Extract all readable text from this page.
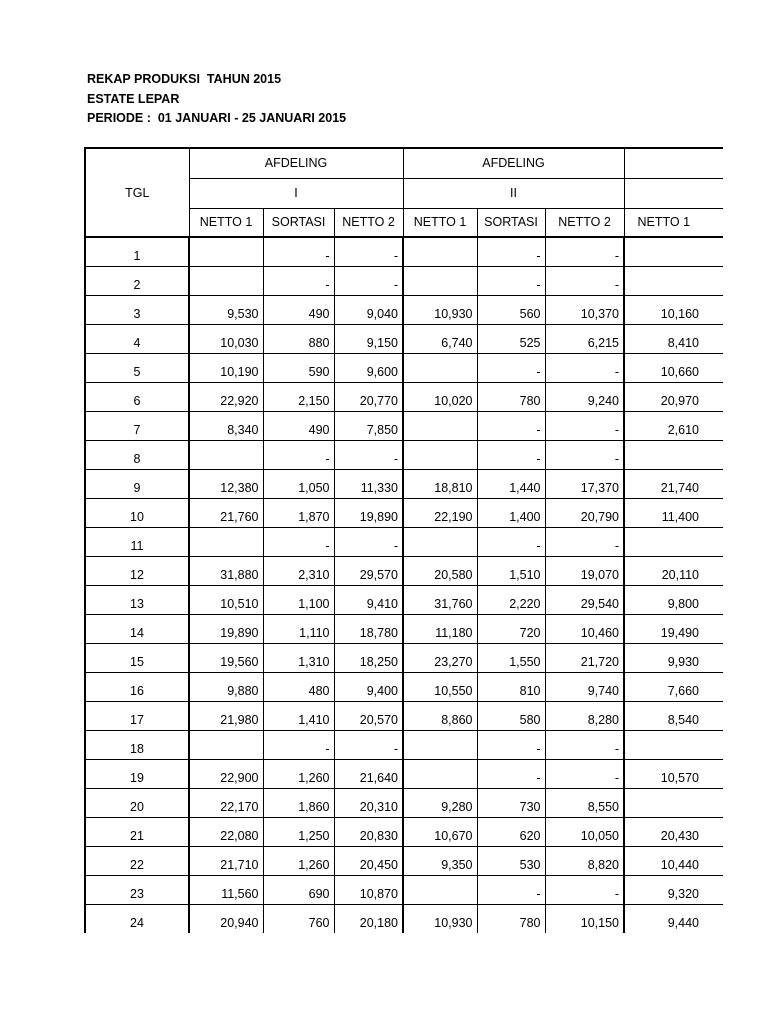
REKAP PRODUKSI  TAHUN 2015
ESTATE LEPAR
PERIODE :  01 JANUARI - 25 JANUARI 2015
TGL	AFDELING			AFDELING				
	I			II				
	NETTO 1	SORTASI	NETTO 2	NETTO 1	SORTASI	NETTO 2	NETTO 1	
1		-	-		-	-		
2		-	-		-	-		
3	9,530	490	9,040	10,930	560	10,370	10,160	
4	10,030	880	9,150	6,740	525	6,215	8,410	
5	10,190	590	9,600		-	-	10,660	
6	22,920	2,150	20,770	10,020	780	9,240	20,970	
7	8,340	490	7,850		-	-	2,610	
8		-	-		-	-		
9	12,380	1,050	11,330	18,810	1,440	17,370	21,740	
10	21,760	1,870	19,890	22,190	1,400	20,790	11,400	
11		-	-		-	-		
12	31,880	2,310	29,570	20,580	1,510	19,070	20,110	
13	10,510	1,100	9,410	31,760	2,220	29,540	9,800	
14	19,890	1,110	18,780	11,180	720	10,460	19,490	
15	19,560	1,310	18,250	23,270	1,550	21,720	9,930	
16	9,880	480	9,400	10,550	810	9,740	7,660	
17	21,980	1,410	20,570	8,860	580	8,280	8,540	
18		-	-		-	-		
19	22,900	1,260	21,640		-	-	10,570	
20	22,170	1,860	20,310	9,280	730	8,550		
21	22,080	1,250	20,830	10,670	620	10,050	20,430	
22	21,710	1,260	20,450	9,350	530	8,820	10,440	
23	11,560	690	10,870		-	-	9,320	
24	20,940	760	20,180	10,930	780	10,150	9,440	
